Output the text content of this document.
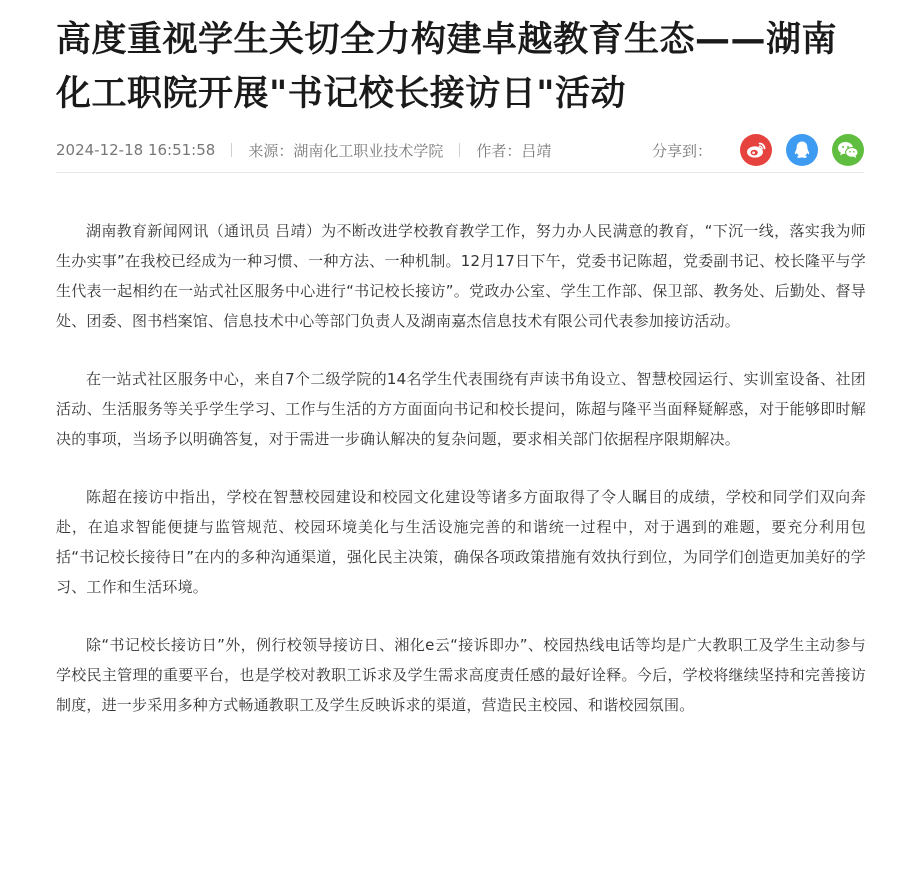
高度重视学生关切全力构建卓越教育生态——湖南
化工职院开展"书记校长接访日"活动
2024-12-18 16:51:58 来源：湖南化工职业技术学院 作者：吕靖	分享到：

湖南教育新闻网讯（通讯员 吕靖）为不断改进学校教育教学工作，努力办人民满意的教育，“下沉一线，落实我为师生办实事”在我校已经成为一种习惯、一种方法、一种机制。12月17日下午，党委书记陈超，党委副书记、校长隆平与学生代表一起相约在一站式社区服务中心进行“书记校长接访”。党政办公室、学生工作部、保卫部、教务处、后勤处、督导处、团委、图书档案馆、信息技术中心等部门负责人及湖南嘉杰信息技术有限公司代表参加接访活动。

在一站式社区服务中心，来自7个二级学院的14名学生代表围绕有声读书角设立、智慧校园运行、实训室设备、社团活动、生活服务等关乎学生学习、工作与生活的方方面面向书记和校长提问，陈超与隆平当面释疑解惑，对于能够即时解决的事项，当场予以明确答复，对于需进一步确认解决的复杂问题，要求相关部门依据程序限期解决。

陈超在接访中指出，学校在智慧校园建设和校园文化建设等诸多方面取得了令人瞩目的成绩，学校和同学们双向奔赴，在追求智能便捷与监管规范、校园环境美化与生活设施完善的和谐统一过程中，对于遇到的难题，要充分利用包括“书记校长接待日”在内的多种沟通渠道，强化民主决策，确保各项政策措施有效执行到位，为同学们创造更加美好的学习、工作和生活环境。

除“书记校长接访日”外，例行校领导接访日、湘化e云“接诉即办”、校园热线电话等均是广大教职工及学生主动参与学校民主管理的重要平台，也是学校对教职工诉求及学生需求高度责任感的最好诠释。今后，学校将继续坚持和完善接访制度，进一步采用多种方式畅通教职工及学生反映诉求的渠道，营造民主校园、和谐校园氛围。
